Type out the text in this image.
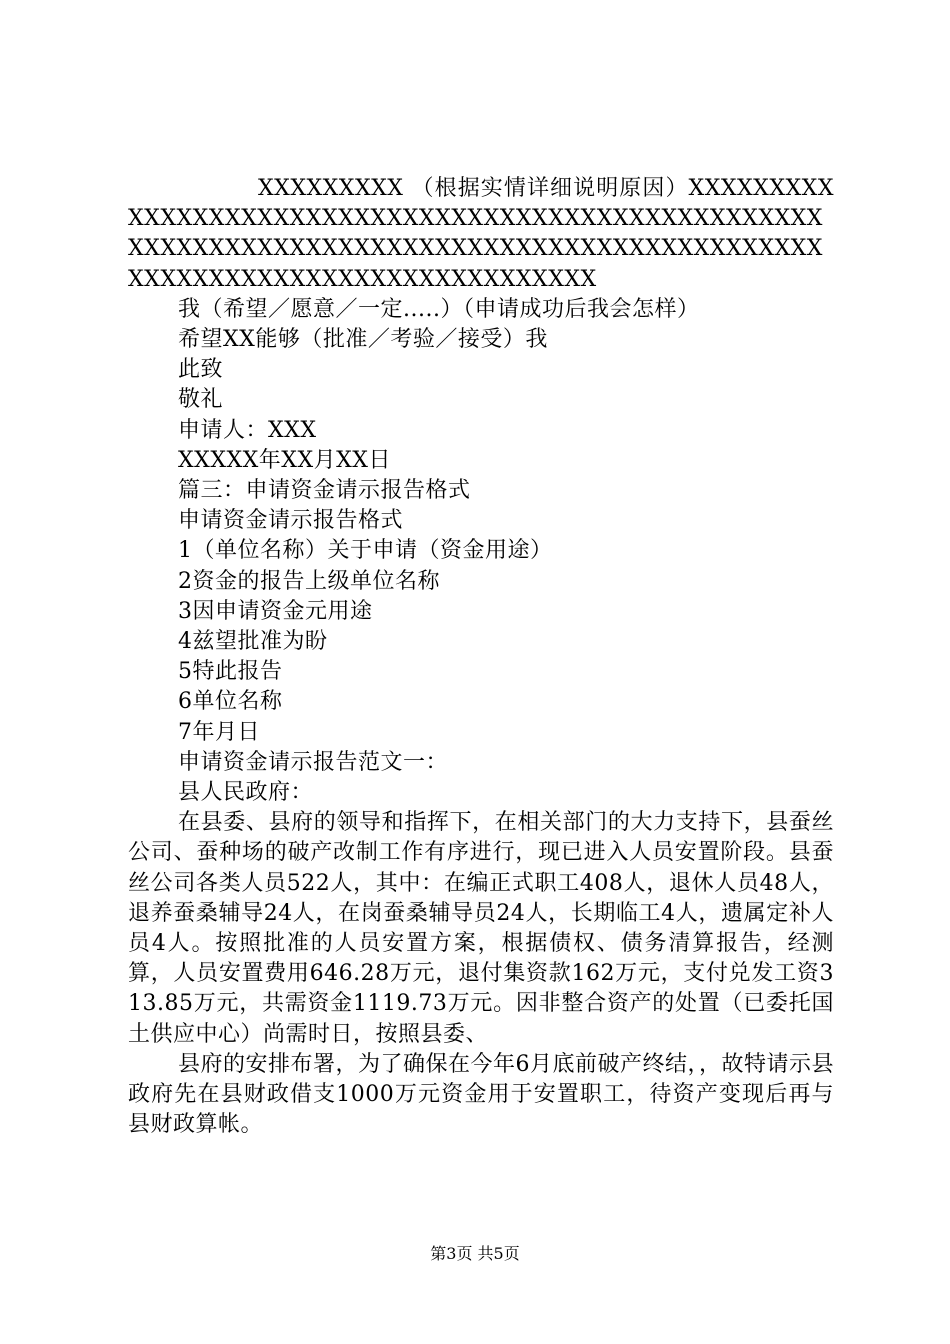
XXXXXXXXX （根据实情详细说明原因）XXXXXXXXXXXXXXXXXXXXXXXXXXXXXXXXXXXXXXXXXXXXXXXXXXXXXXXXXXXXXXXXXXXXXXXXXXXXXXXXXXXXXXXXXXXXXXXXXXXXXXXXXXXXXXXXXXXXXXXXXXXX

我（希望／愿意／一定.....）（申请成功后我会怎样）

希望XX能够（批准／考验／接受）我

此致

敬礼

申请人：XXX

XXXXX年XX月XX日

篇三：申请资金请示报告格式

申请资金请示报告格式

1（单位名称）关于申请（资金用途）

2资金的报告上级单位名称

3因申请资金元用途

4兹望批准为盼

5特此报告

6单位名称

7年月日

申请资金请示报告范文一：

县人民政府：

在县委、县府的领导和指挥下，在相关部门的大力支持下，县蚕丝公司、蚕种场的破产改制工作有序进行，现已进入人员安置阶段。县蚕丝公司各类人员522人，其中：在编正式职工408人，退休人员48人，退养蚕桑辅导24人，在岗蚕桑辅导员24人，长期临工4人，遗属定补人员4人。按照批准的人员安置方案，根据债权、债务清算报告，经测算，人员安置费用646.28万元，退付集资款162万元，支付兑发工资313.85万元，共需资金1119.73万元。因非整合资产的处置（已委托国土供应中心）尚需时日，按照县委、

县府的安排布署，为了确保在今年6月底前破产终结，，故特请示县政府先在县财政借支1000万元资金用于安置职工，待资产变现后再与县财政算帐。

第3页 共5页
